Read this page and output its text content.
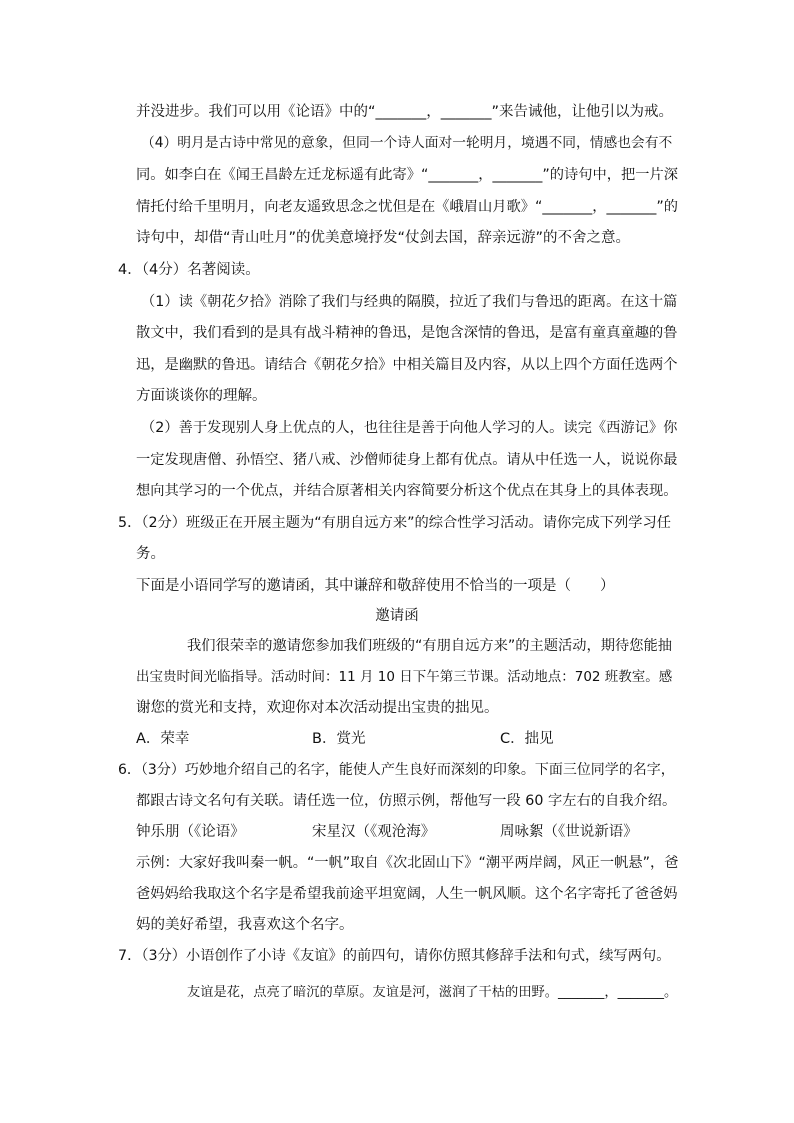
并没进步。我们可以用《论语》中的“_______，_______”来告诫他，让他引以为戒。
（4）明月是古诗中常见的意象，但同一个诗人面对一轮明月，境遇不同，情感也会有不
同。如李白在《闻王昌龄左迁龙标遥有此寄》“_______，_______”的诗句中，把一片深
情托付给千里明月，向老友遥致思念之忧但是在《峨眉山月歌》“_______，_______”的
诗句中，却借“青山吐月”的优美意境抒发“仗剑去国，辞亲远游”的不舍之意。
4．（4分）名著阅读。
（1）读《朝花夕拾》消除了我们与经典的隔膜，拉近了我们与鲁迅的距离。在这十篇
散文中，我们看到的是具有战斗精神的鲁迅，是饱含深情的鲁迅，是富有童真童趣的鲁
迅，是幽默的鲁迅。请结合《朝花夕拾》中相关篇目及内容，从以上四个方面任选两个
方面谈谈你的理解。
（2）善于发现别人身上优点的人，也往往是善于向他人学习的人。读完《西游记》你
一定发现唐僧、孙悟空、猪八戒、沙僧师徒身上都有优点。请从中任选一人，说说你最
想向其学习的一个优点，并结合原著相关内容简要分析这个优点在其身上的具体表现。
5．（2分）班级正在开展主题为“有朋自远方来”的综合性学习活动。请你完成下列学习任
务。
下面是小语同学写的邀请函，其中谦辞和敬辞使用不恰当的一项是（　　）
邀请函
我们很荣幸的邀请您参加我们班级的“有朋自远方来”的主题活动，期待您能抽
出宝贵时间光临指导。活动时间：11 月 10 日下午第三节课。活动地点：702 班教室。感
谢您的赏光和支持，欢迎你对本次活动提出宝贵的拙见。
A．荣幸	B．赏光	C．拙见
6．（3分）巧妙地介绍自己的名字，能使人产生良好而深刻的印象。下面三位同学的名字，
都跟古诗文名句有关联。请任选一位，仿照示例，帮他写一段 60 字左右的自我介绍。
钟乐朋（《论语》	宋星汉（《观沧海》	周咏絮（《世说新语》
示例：大家好我叫秦一帆。“一帆”取自《次北固山下》“潮平两岸阔，风正一帆悬”，爸
爸妈妈给我取这个名字是希望我前途平坦宽阔，人生一帆风顺。这个名字寄托了爸爸妈
妈的美好希望，我喜欢这个名字。
7．（3分）小语创作了小诗《友谊》的前四句，请你仿照其修辞手法和句式，续写两句。
友谊是花，点亮了暗沉的草原。友谊是河，滋润了干枯的田野。_______，_______。
